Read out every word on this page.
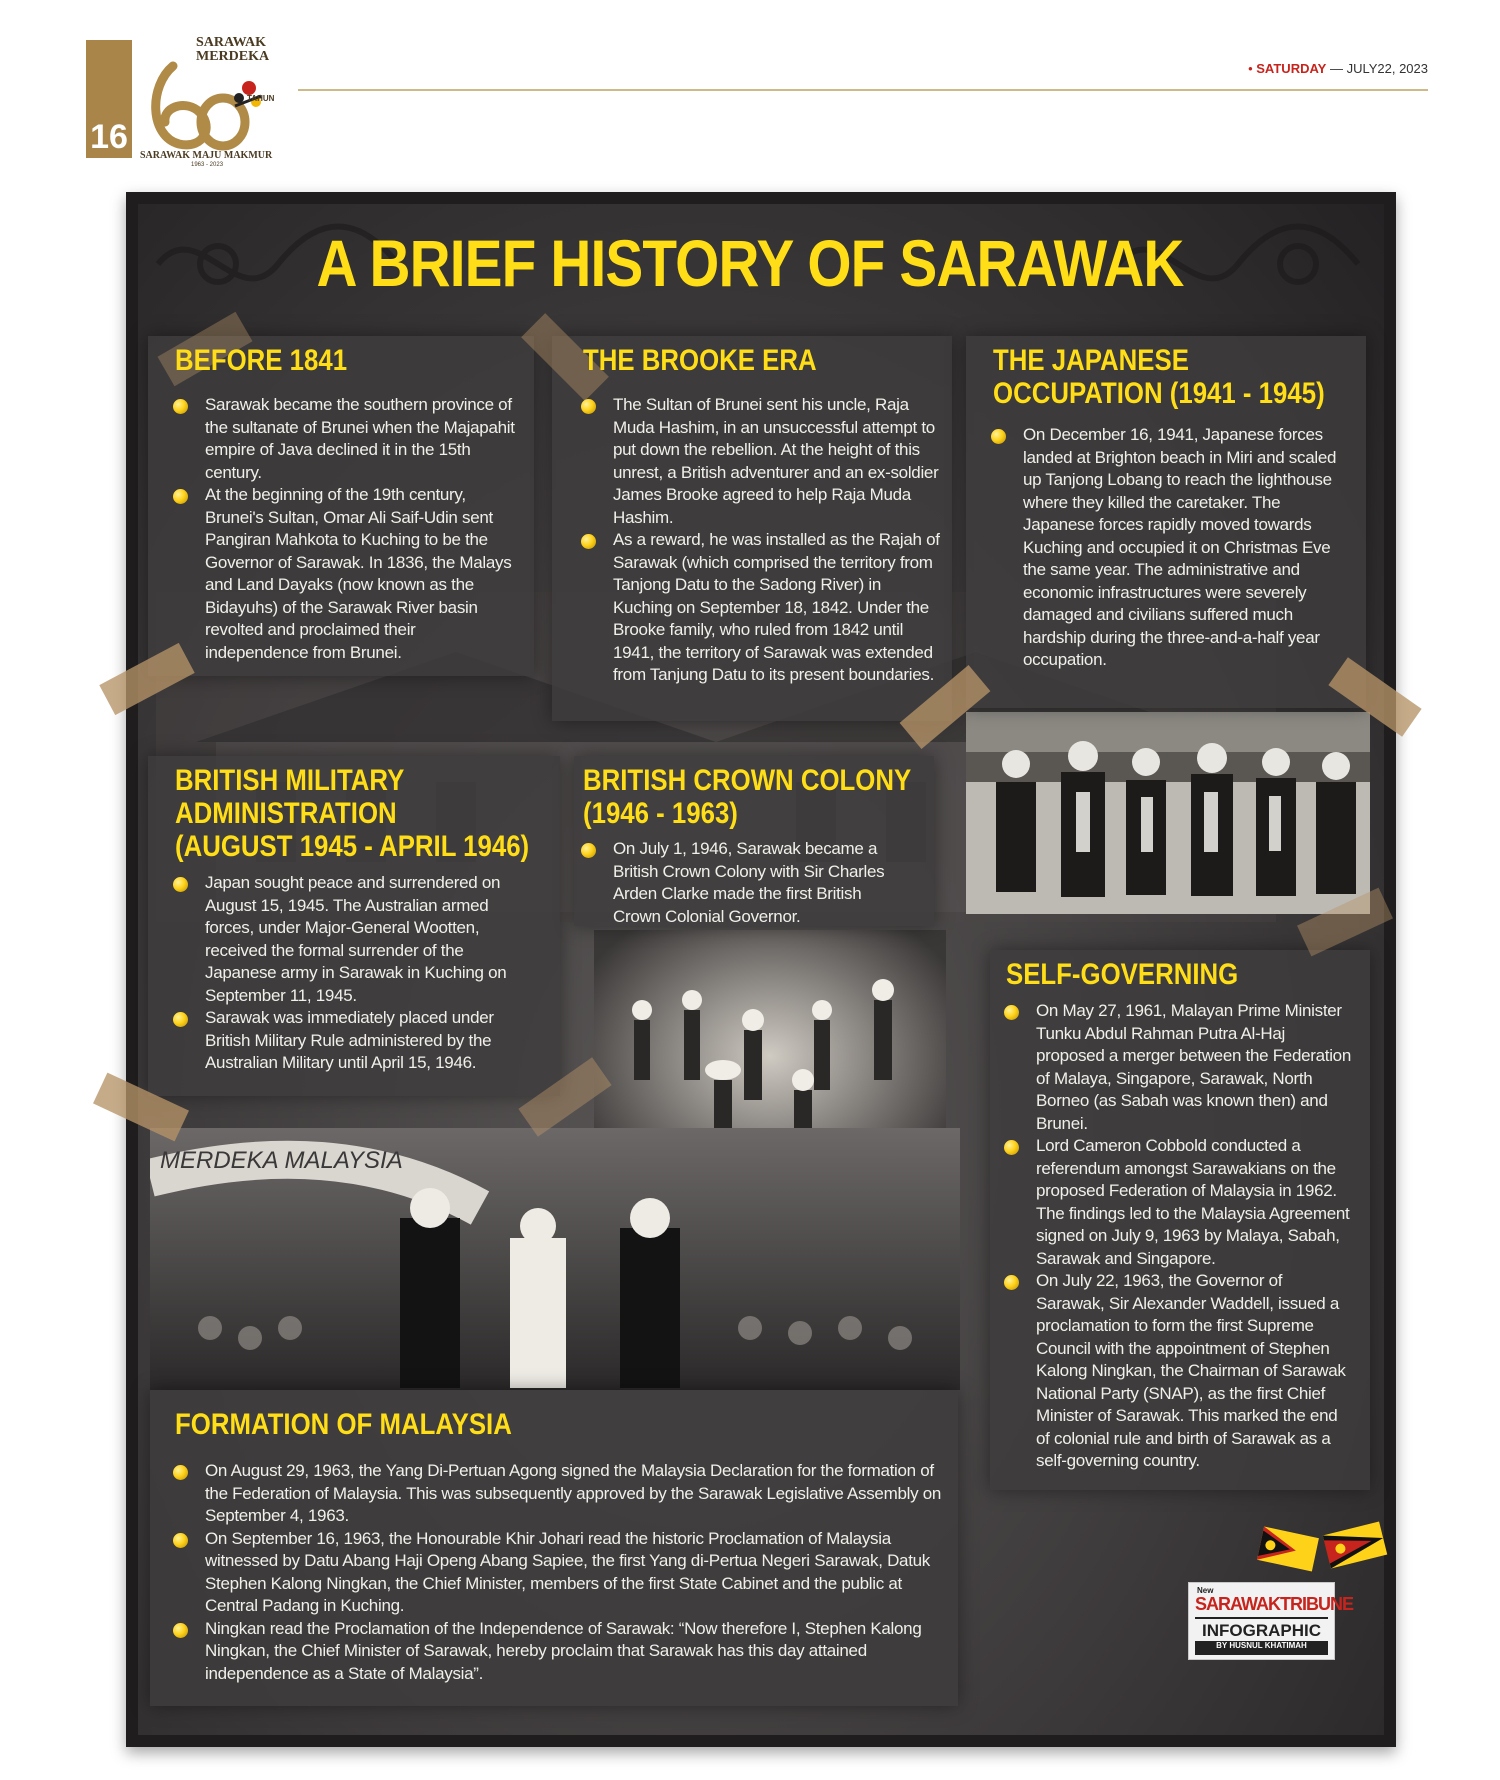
16
SARAWAK
MERDEKA
TAHUN
SARAWAK MAJU MAKMUR
1963 - 2023
• SATURDAY — JULY22, 2023
A BRIEF HISTORY OF SARAWAK
MERDEKA MALAYSIA
BEFORE 1841
Sarawak became the southern province of the sultanate of Brunei when the Majapahit empire of Java declined it in the 15th century.
At the beginning of the 19th century, Brunei's Sultan, Omar Ali Saif-Udin sent Pangiran Mahkota to Kuching to be the Governor of Sarawak. In 1836, the Malays and Land Dayaks (now known as the Bidayuhs) of the Sarawak River basin revolted and proclaimed their independence from Brunei.
THE BROOKE ERA
The Sultan of Brunei sent his uncle, Raja Muda Hashim, in an unsuccessful attempt to put down the rebellion. At the height of this unrest, a British adventurer and an ex-soldier James Brooke agreed to help Raja Muda Hashim.
As a reward, he was installed as the Rajah of Sarawak (which comprised the territory from Tanjong Datu to the Sadong River) in Kuching on September 18, 1842. Under the Brooke family, who ruled from 1842 until 1941, the territory of Sarawak was extended from Tanjung Datu to its present boundaries.
THE JAPANESE
OCCUPATION (1941 - 1945)
On December 16, 1941, Japanese forces landed at Brighton beach in Miri and scaled up Tanjong Lobang to reach the lighthouse where they killed the caretaker. The Japanese forces rapidly moved towards Kuching and occupied it on Christmas Eve the same year. The administrative and economic infrastructures were severely damaged and civilians suffered much hardship during the three-and-a-half year occupation.
BRITISH MILITARY
ADMINISTRATION
(AUGUST 1945 - APRIL 1946)
Japan sought peace and surrendered on August 15, 1945. The Australian armed forces, under Major-General Wootten, received the formal surrender of the Japanese army in Sarawak in Kuching on September 11, 1945.
Sarawak was immediately placed under British Military Rule administered by the Australian Military until April 15, 1946.
BRITISH CROWN COLONY
(1946 - 1963)
On July 1, 1946, Sarawak became a British Crown Colony with Sir Charles Arden Clarke made the first British Crown Colonial Governor.
SELF-GOVERNING
On May 27, 1961, Malayan Prime Minister Tunku Abdul Rahman Putra Al-Haj proposed a merger between the Federation of Malaya, Singapore, Sarawak, North Borneo (as Sabah was known then) and Brunei.
Lord Cameron Cobbold conducted a referendum amongst Sarawakians on the proposed Federation of Malaysia in 1962. The findings led to the Malaysia Agreement signed on July 9, 1963 by Malaya, Sabah, Sarawak and Singapore.
On July 22, 1963, the Governor of Sarawak, Sir Alexander Waddell, issued a proclamation to form the first Supreme Council with the appointment of Stephen Kalong Ningkan, the Chairman of Sarawak National Party (SNAP), as the first Chief Minister of Sarawak. This marked the end of colonial rule and birth of Sarawak as a self-governing country.
FORMATION OF MALAYSIA
On August 29, 1963, the Yang Di-Pertuan Agong signed the Malaysia Declaration for the formation of the Federation of Malaysia. This was subsequently approved by the Sarawak Legislative Assembly on September 4, 1963.
On September 16, 1963, the Honourable Khir Johari read the historic Proclamation of Malaysia witnessed by Datu Abang Haji Openg Abang Sapiee, the first Yang di-Pertua Negeri Sarawak, Datuk Stephen Kalong Ningkan, the Chief Minister, members of the first State Cabinet and the public at Central Padang in Kuching.
Ningkan read the Proclamation of the Independence of Sarawak: “Now therefore I, Stephen Kalong Ningkan, the Chief Minister of Sarawak, hereby proclaim that Sarawak has this day attained independence as a State of Malaysia”.
New
SARAWAKTRIBUNE
INFOGRAPHIC
BY HUSNUL KHATIMAH
